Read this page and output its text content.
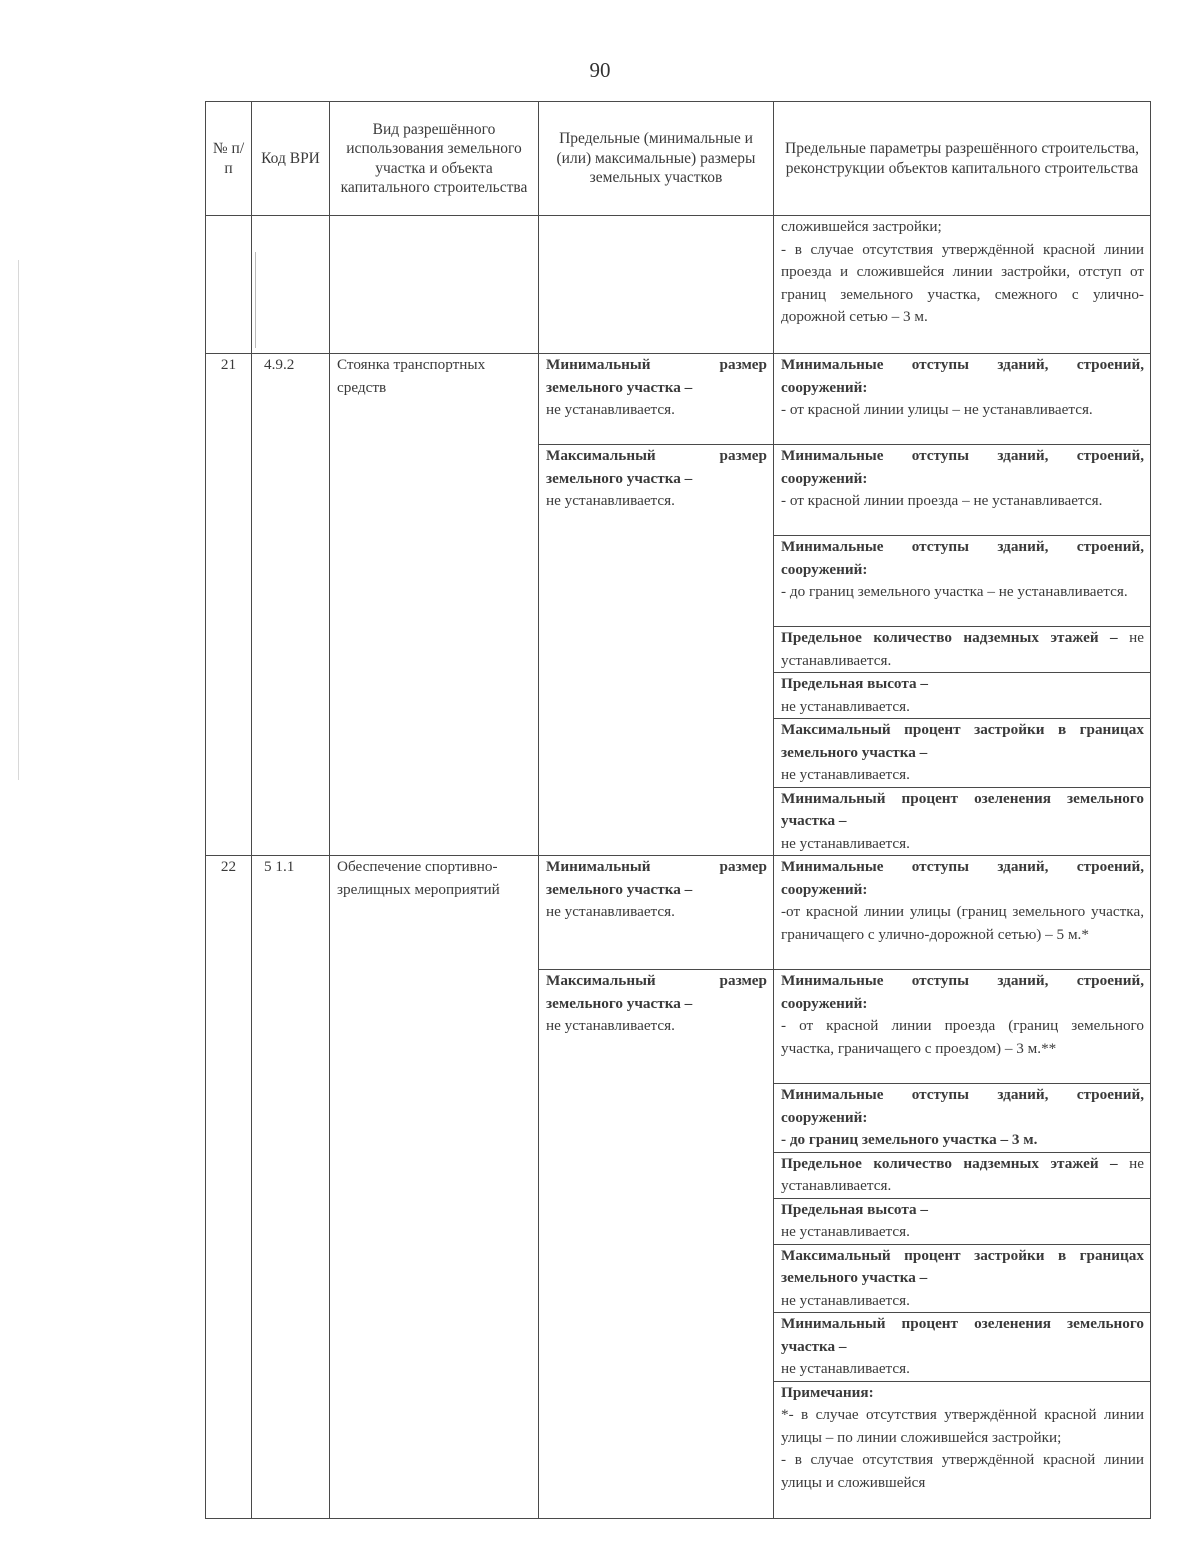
90
№ п/п	Код ВРИ	Вид разрешённого использования земельного участка и объекта капитального строительства	Предельные (минимальные и (или) максимальные) размеры земельных участков	Предельные параметры разрешённого строительства, реконструкции объектов капитального строительства

				сложившейся застройки;
- в случае отсутствия утверждённой красной линии проезда и сложившейся линии застройки, отступ от границ земельного участка, смежного с улично-дорожной сетью – 3 м.

21	4.9.2	Стоянка транспортных средств	Минимальный размер земельного участка –
не устанавливается.	Минимальные отступы зданий, строений, сооружений:
- от красной линии улицы – не устанавливается.
			Максимальный размер земельного участка –
не устанавливается.	Минимальные отступы зданий, строений, сооружений:
- от красной линии проезда – не устанавливается.

				Минимальные отступы зданий, строений, сооружений:
- до границ земельного участка – не устанавливается.
				Предельное количество надземных этажей – не устанавливается.

				Предельная высота –
не устанавливается.

				Максимальный процент застройки в границах земельного участка –
не устанавливается.

				Минимальный процент озеленения земельного участка –
не устанавливается.
22	5 1.1	Обеспечение спортивно-зрелищных мероприятий	Минимальный размер земельного участка –
не устанавливается.	Минимальные отступы зданий, строений, сооружений:
-от красной линии улицы (границ земельного участка, граничащего с улично-дорожной сетью) – 5 м.*
			Максимальный размер земельного участка –
не устанавливается.	Минимальные отступы зданий, строений, сооружений:
- от красной линии проезда (границ земельного участка, граничащего с проездом) – 3 м.**

				Минимальные отступы зданий, строений, сооружений:
- до границ земельного участка – 3 м.
				Предельное количество надземных этажей – не устанавливается.

				Предельная высота –
не устанавливается.

				Максимальный процент застройки в границах земельного участка –
не устанавливается.

				Минимальный процент озеленения земельного участка –
не устанавливается.

				Примечания:
*- в случае отсутствия утверждённой красной линии улицы – по линии сложившейся застройки;
- в случае отсутствия утверждённой красной линии улицы и сложившейся
